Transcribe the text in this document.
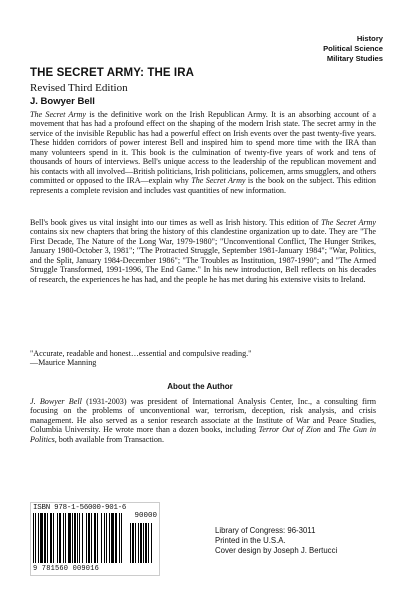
History
Political Science
Military Studies
THE SECRET ARMY: THE IRA
Revised Third Edition
J. Bowyer Bell

The Secret Army is the definitive work on the Irish Republican Army. It is an absorbing account of a movement that has had a profound effect on the shaping of the modern Irish state. The secret army in the service of the invisible Republic has had a powerful effect on Irish events over the past twenty-five years. These hidden corridors of power interest Bell and inspired him to spend more time with the IRA than many volunteers spend in it. This book is the culmination of twenty-five years of work and tens of thousands of hours of interviews. Bell's unique access to the leadership of the republican movement and his contacts with all involved—British politicians, Irish politicians, policemen, arms smugglers, and others committed or opposed to the IRA—explain why The Secret Army is the book on the subject. This edition represents a complete revision and includes vast quantities of new information.

Bell's book gives us vital insight into our times as well as Irish history. This edition of The Secret Army contains six new chapters that bring the history of this clandestine organization up to date. They are "The First Decade, The Nature of the Long War, 1979-1980"; "Unconventional Conflict, The Hunger Strikes, January 1980-October 3, 1981"; "The Protracted Struggle, September 1981-January 1984"; "War, Politics, and the Split, January 1984-December 1986"; "The Troubles as Institution, 1987-1990"; and "The Armed Struggle Transformed, 1991-1996, The End Game." In his new introduction, Bell reflects on his decades of research, the experiences he has had, and the people he has met during his extensive visits to Ireland.

"Accurate, readable and honest…essential and compulsive reading."

—Maurice Manning

About the Author

J. Bowyer Bell (1931-2003) was president of International Analysis Center, Inc., a consulting firm focusing on the problems of unconventional war, terrorism, deception, risk analysis, and crisis management. He also served as a senior research associate at the Institute of War and Peace Studies, Columbia University. He wrote more than a dozen books, including Terror Out of Zion and The Gun in Politics, both available from Transaction.

ISBN 978-1-56000-901-6
90000
9 781560 009016
Library of Congress: 96-3011
Printed in the U.S.A.
Cover design by Joseph J. Bertucci
